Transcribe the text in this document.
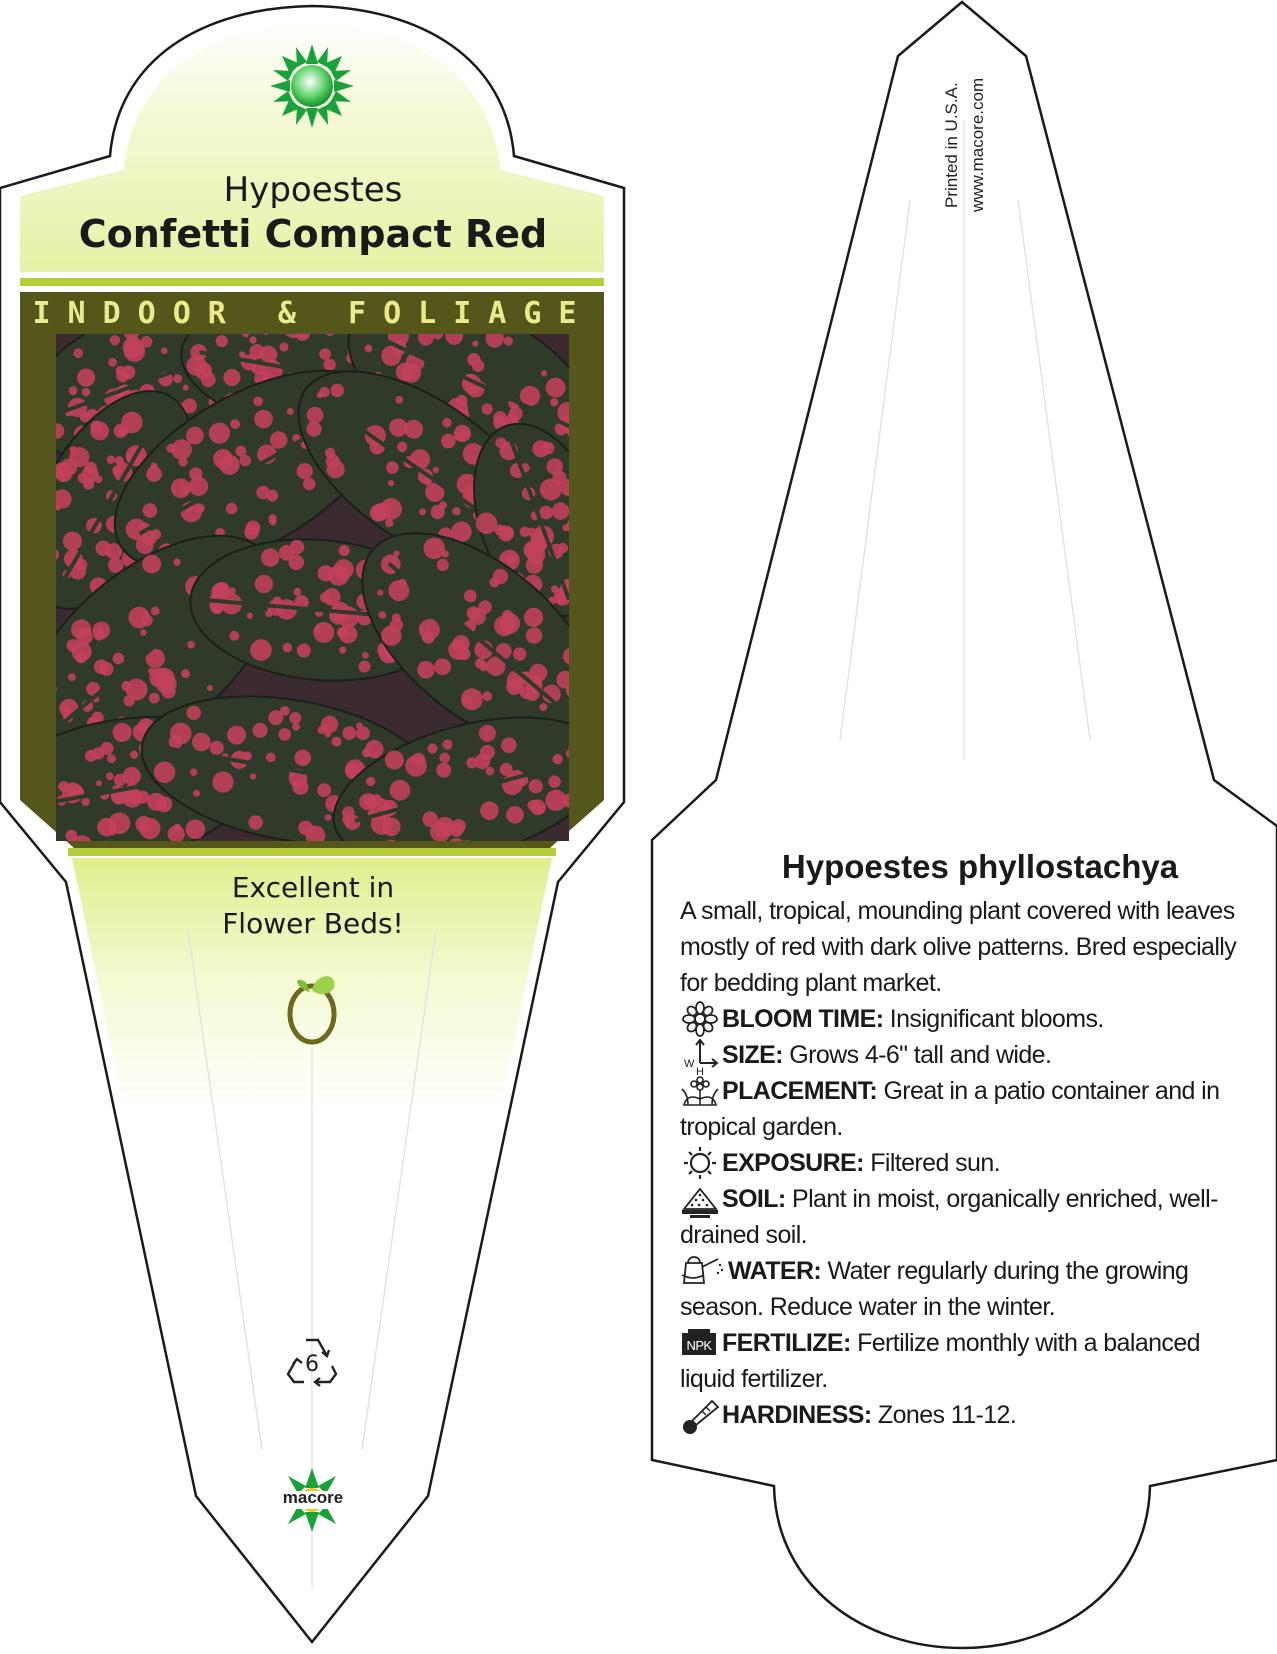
Hypoestes
Confetti Compact Red
INDOOR & FOLIAGE
Excellent in
Flower Beds!
6
macore
Printed in U.S.A. www.macore.com
Hypoestes phyllostachya

A small, tropical, mounding plant covered with leaves mostly of red with dark olive patterns. Bred especially for bedding plant market.

BLOOM TIME: Insignificant blooms.

W
H
SIZE: Grows 4-6" tall and wide.

PLACEMENT: Great in a patio container and in tropical garden.

EXPOSURE: Filtered sun.

SOIL: Plant in moist, organically enriched, well-drained soil.

WATER: Water regularly during the growing season. Reduce water in the winter.

NPK FERTILIZE: Fertilize monthly with a balanced liquid fertilizer.

HARDINESS: Zones 11-12.
